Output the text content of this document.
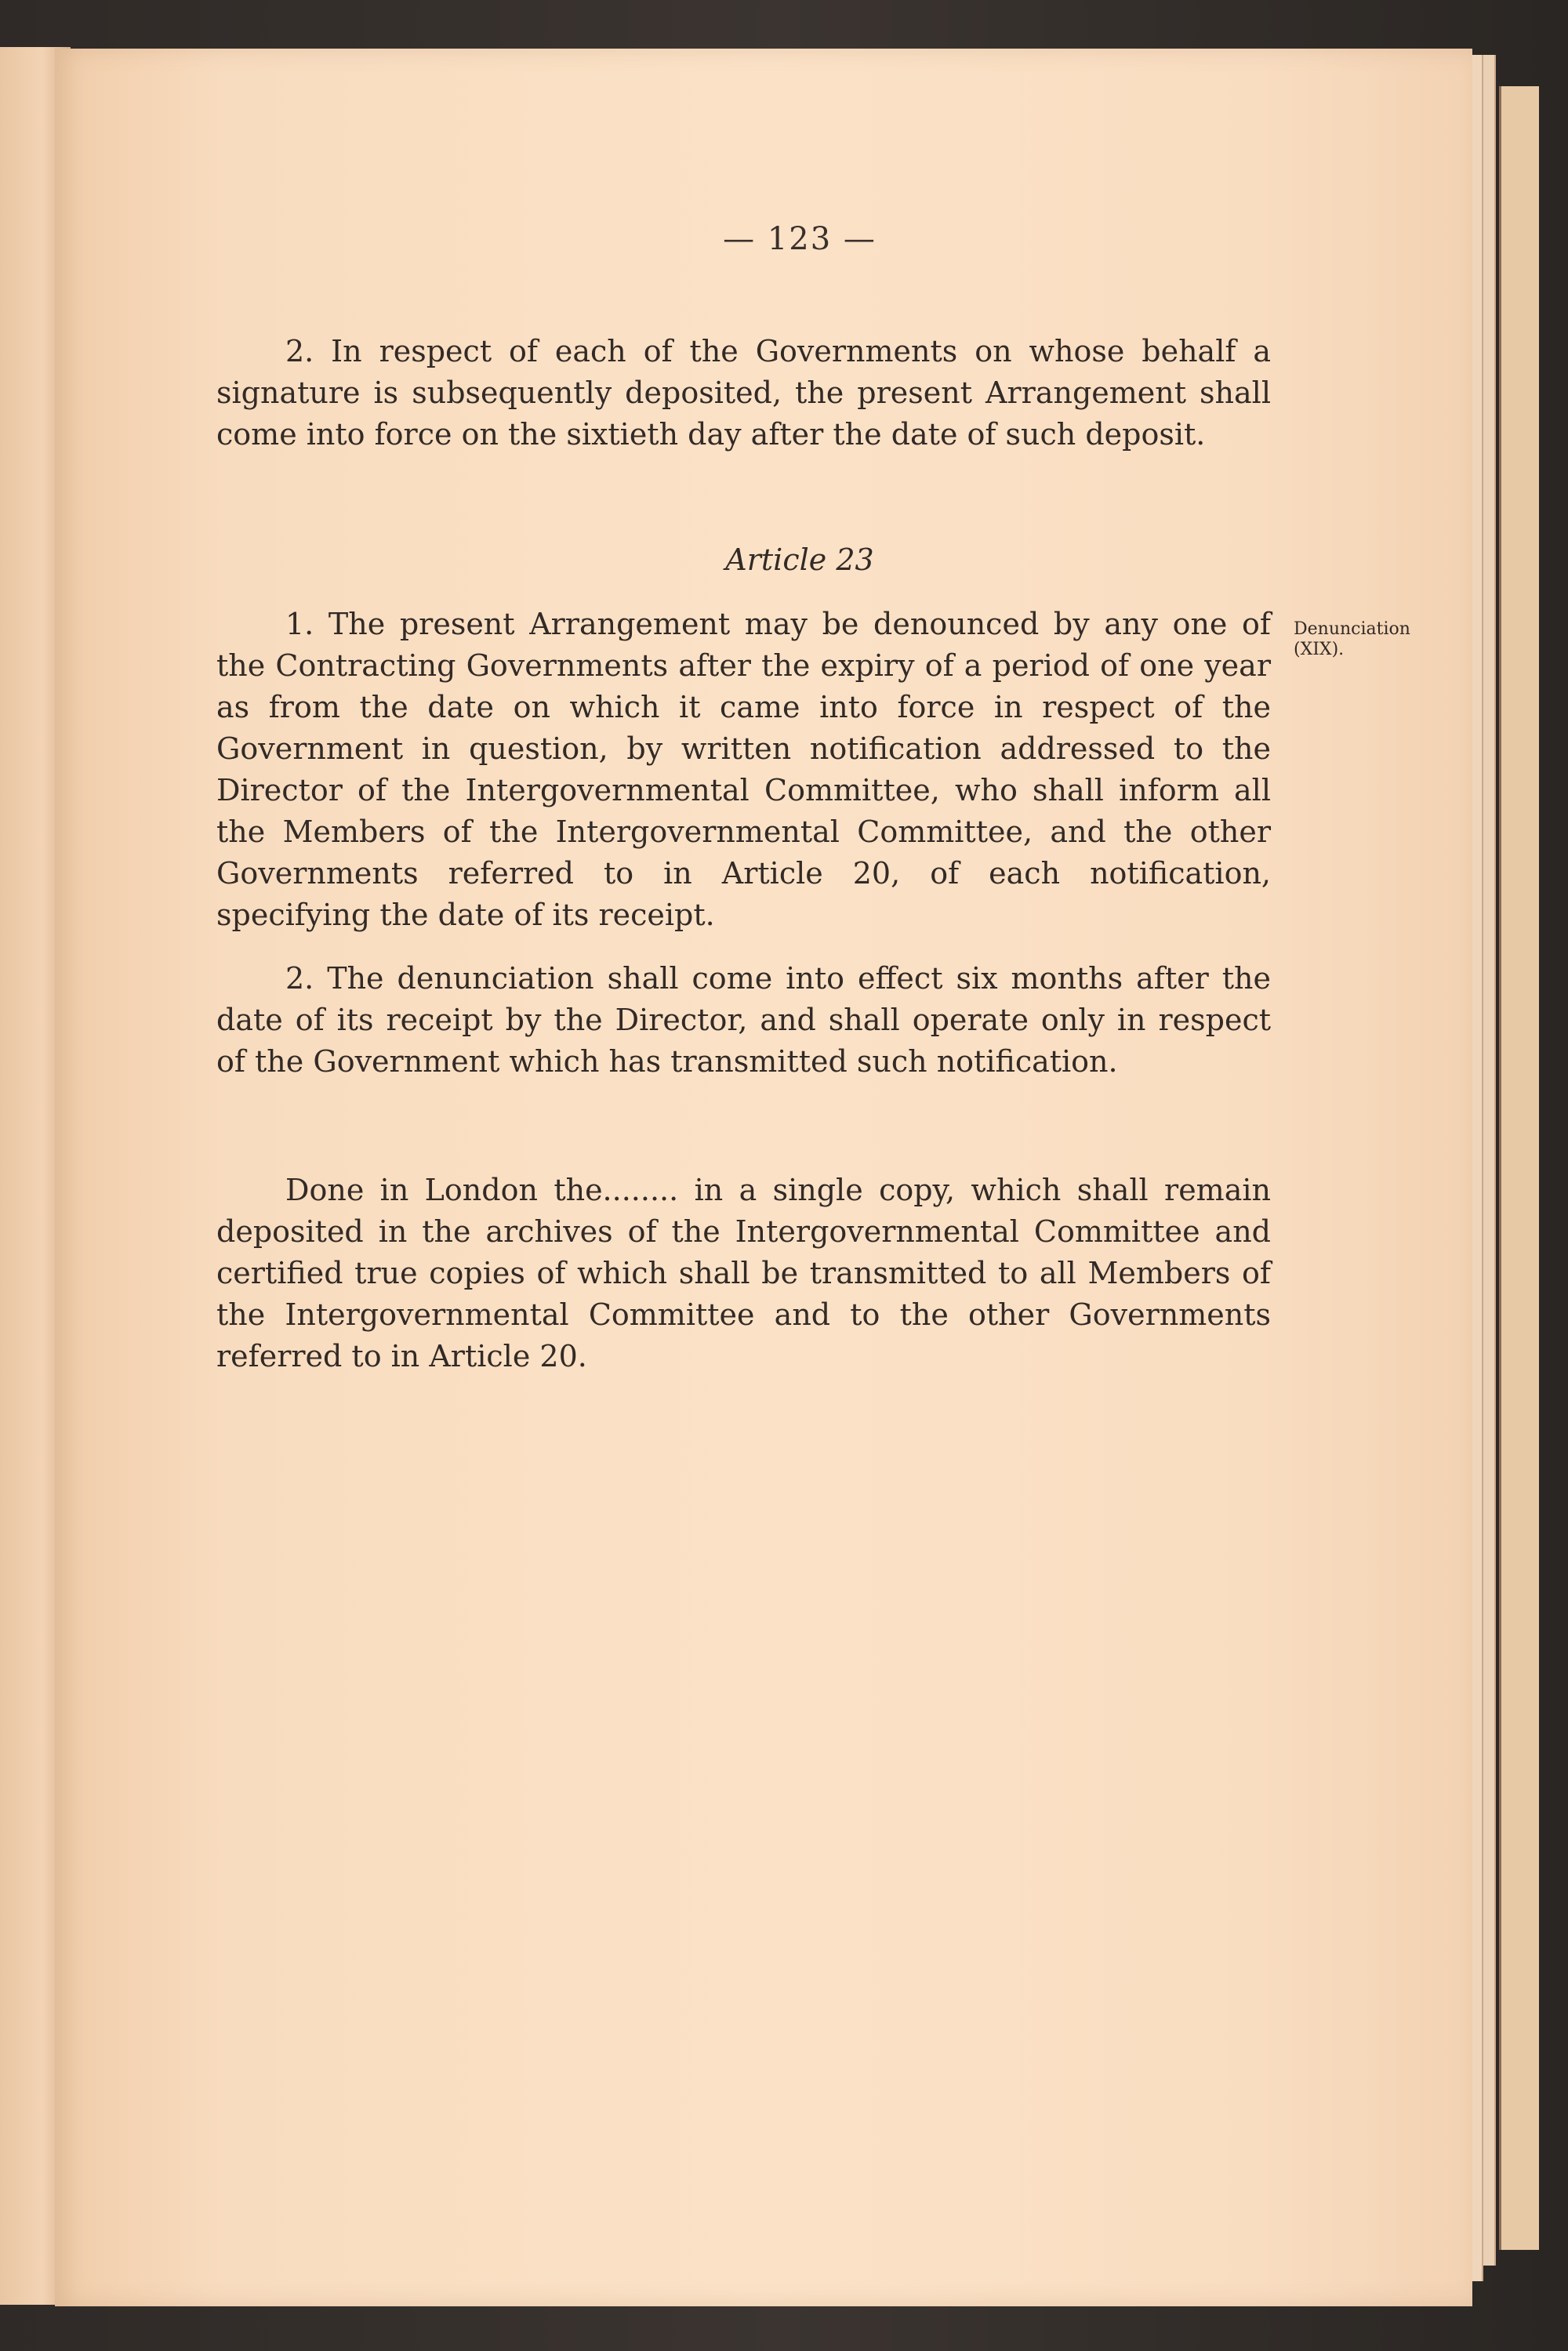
— 123 —

2. In respect of each of the Governments on whose behalf a signature is subsequently deposited, the present Arrangement shall come into force on the sixtieth day after the date of such deposit.

Article 23
Denunciation
(XIX).

1. The present Arrangement may be denounced by any one of the Contracting Governments after the expiry of a period of one year as from the date on which it came into force in respect of the Government in question, by written notification addressed to the Director of the Intergovernmental Committee, who shall inform all the Members of the Intergovernmental Committee, and the other Governments referred to in Article 20, of each notification, specifying the date of its receipt.

2. The denunciation shall come into effect six months after the date of its receipt by the Director, and shall operate only in respect of the Government which has transmitted such notification.

Done in London the........ in a single copy, which shall remain deposited in the archives of the Intergovernmental Committee and certified true copies of which shall be transmitted to all Members of the Intergovernmental Committee and to the other Governments referred to in Article 20.
